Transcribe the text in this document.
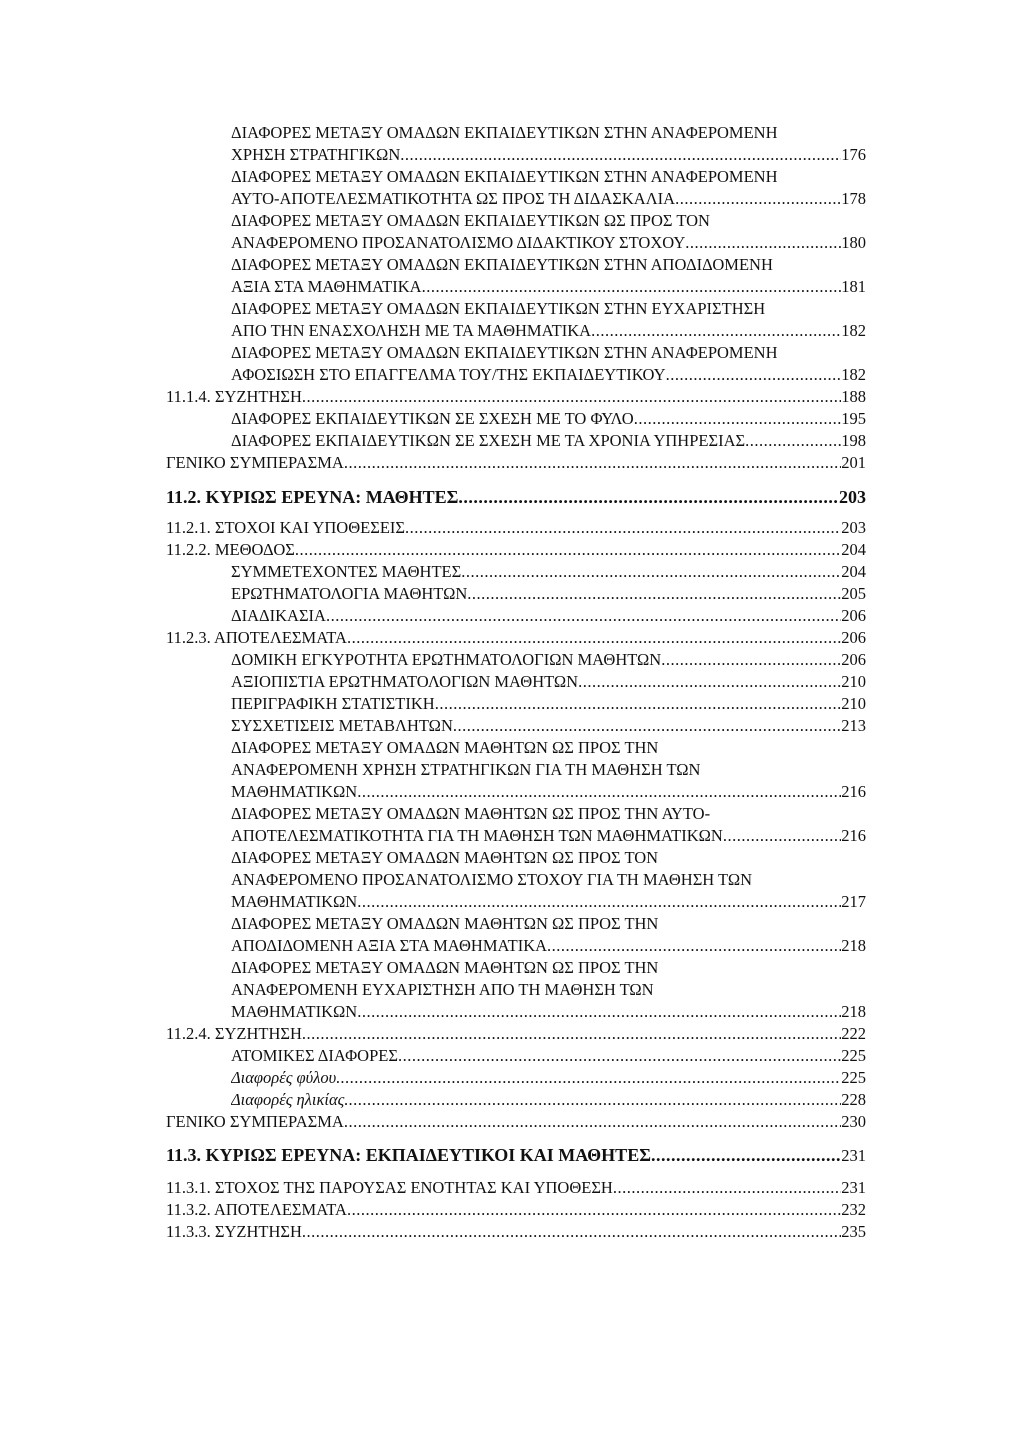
ΔΙΑΦΟΡΕΣ ΜΕΤΑΞΥ ΟΜΑΔΩΝ ΕΚΠΑΙΔΕΥΤΙΚΩΝ ΣΤΗΝ ΑΝΑΦΕΡΟΜΕΝΗ
ΧΡΗΣΗ ΣΤΡΑΤΗΓΙΚΩΝ .....	176
ΔΙΑΦΟΡΕΣ ΜΕΤΑΞΥ ΟΜΑΔΩΝ ΕΚΠΑΙΔΕΥΤΙΚΩΝ ΣΤΗΝ ΑΝΑΦΕΡΟΜΕΝΗ
ΑΥΤΟ-ΑΠΟΤΕΛΕΣΜΑΤΙΚΟΤΗΤΑ ΩΣ ΠΡΟΣ ΤΗ ΔΙΔΑΣΚΑΛΙΑ .....	178
ΔΙΑΦΟΡΕΣ ΜΕΤΑΞΥ ΟΜΑΔΩΝ ΕΚΠΑΙΔΕΥΤΙΚΩΝ ΩΣ ΠΡΟΣ ΤΟΝ
ΑΝΑΦΕΡΟΜΕΝΟ ΠΡΟΣΑΝΑΤΟΛΙΣΜΟ ΔΙΔΑΚΤΙΚΟΥ ΣΤΟΧΟΥ .....	180
ΔΙΑΦΟΡΕΣ ΜΕΤΑΞΥ ΟΜΑΔΩΝ ΕΚΠΑΙΔΕΥΤΙΚΩΝ ΣΤΗΝ ΑΠΟΔΙΔΟΜΕΝΗ
ΑΞΙΑ ΣΤΑ ΜΑΘΗΜΑΤΙΚΑ .....	181
ΔΙΑΦΟΡΕΣ ΜΕΤΑΞΥ ΟΜΑΔΩΝ ΕΚΠΑΙΔΕΥΤΙΚΩΝ ΣΤΗΝ ΕΥΧΑΡΙΣΤΗΣΗ
ΑΠΟ ΤΗΝ ΕΝΑΣΧΟΛΗΣΗ ΜΕ ΤΑ ΜΑΘΗΜΑΤΙΚΑ .....	182
ΔΙΑΦΟΡΕΣ ΜΕΤΑΞΥ ΟΜΑΔΩΝ ΕΚΠΑΙΔΕΥΤΙΚΩΝ ΣΤΗΝ ΑΝΑΦΕΡΟΜΕΝΗ
ΑΦΟΣΙΩΣΗ ΣΤΟ ΕΠΑΓΓΕΛΜΑ ΤΟΥ/ΤΗΣ ΕΚΠΑΙΔΕΥΤΙΚΟΥ .....	182
11.1.4. ΣΥΖΗΤΗΣΗ .....	188
ΔΙΑΦΟΡΕΣ ΕΚΠΑΙΔΕΥΤΙΚΩΝ ΣΕ ΣΧΕΣΗ ΜΕ ΤΟ ΦΥΛΟ .....	195
ΔΙΑΦΟΡΕΣ ΕΚΠΑΙΔΕΥΤΙΚΩΝ ΣΕ ΣΧΕΣΗ ΜΕ ΤΑ ΧΡΟΝΙΑ ΥΠΗΡΕΣΙΑΣ .....	198
ΓΕΝΙΚΟ ΣΥΜΠΕΡΑΣΜΑ .....	201
11.2. ΚΥΡΙΩΣ ΕΡΕΥΝΑ: ΜΑΘΗΤΕΣ .....	203
11.2.1. ΣΤΟΧΟΙ ΚΑΙ ΥΠΟΘΕΣΕΙΣ .....	203
11.2.2. ΜΕΘΟΔΟΣ .....	204
ΣΥΜΜΕΤΕΧΟΝΤΕΣ ΜΑΘΗΤΕΣ .....	204
ΕΡΩΤΗΜΑΤΟΛΟΓΙΑ ΜΑΘΗΤΩΝ .....	205
ΔΙΑΔΙΚΑΣΙΑ .....	206
11.2.3. ΑΠΟΤΕΛΕΣΜΑΤΑ .....	206
ΔΟΜΙΚΗ ΕΓΚΥΡΟΤΗΤΑ ΕΡΩΤΗΜΑΤΟΛΟΓΙΩΝ ΜΑΘΗΤΩΝ .....	206
ΑΞΙΟΠΙΣΤΙΑ ΕΡΩΤΗΜΑΤΟΛΟΓΙΩΝ ΜΑΘΗΤΩΝ .....	210
ΠΕΡΙΓΡΑΦΙΚΗ ΣΤΑΤΙΣΤΙΚΗ .....	210
ΣΥΣΧΕΤΙΣΕΙΣ ΜΕΤΑΒΛΗΤΩΝ .....	213
ΔΙΑΦΟΡΕΣ ΜΕΤΑΞΥ ΟΜΑΔΩΝ ΜΑΘΗΤΩΝ ΩΣ ΠΡΟΣ ΤΗΝ
ΑΝΑΦΕΡΟΜΕΝΗ ΧΡΗΣΗ ΣΤΡΑΤΗΓΙΚΩΝ ΓΙΑ ΤΗ ΜΑΘΗΣΗ ΤΩΝ
ΜΑΘΗΜΑΤΙΚΩΝ .....	216
ΔΙΑΦΟΡΕΣ ΜΕΤΑΞΥ ΟΜΑΔΩΝ ΜΑΘΗΤΩΝ ΩΣ ΠΡΟΣ ΤΗΝ ΑΥΤΟ-
ΑΠΟΤΕΛΕΣΜΑΤΙΚΟΤΗΤΑ ΓΙΑ ΤΗ ΜΑΘΗΣΗ ΤΩΝ ΜΑΘΗΜΑΤΙΚΩΝ .....	216
ΔΙΑΦΟΡΕΣ ΜΕΤΑΞΥ ΟΜΑΔΩΝ ΜΑΘΗΤΩΝ ΩΣ ΠΡΟΣ ΤΟΝ
ΑΝΑΦΕΡΟΜΕΝΟ ΠΡΟΣΑΝΑΤΟΛΙΣΜΟ ΣΤΟΧΟΥ ΓΙΑ ΤΗ ΜΑΘΗΣΗ ΤΩΝ
ΜΑΘΗΜΑΤΙΚΩΝ .....	217
ΔΙΑΦΟΡΕΣ ΜΕΤΑΞΥ ΟΜΑΔΩΝ ΜΑΘΗΤΩΝ ΩΣ ΠΡΟΣ ΤΗΝ
ΑΠΟΔΙΔΟΜΕΝΗ ΑΞΙΑ ΣΤΑ ΜΑΘΗΜΑΤΙΚΑ .....	218
ΔΙΑΦΟΡΕΣ ΜΕΤΑΞΥ ΟΜΑΔΩΝ ΜΑΘΗΤΩΝ ΩΣ ΠΡΟΣ ΤΗΝ
ΑΝΑΦΕΡΟΜΕΝΗ ΕΥΧΑΡΙΣΤΗΣΗ ΑΠΟ ΤΗ ΜΑΘΗΣΗ ΤΩΝ
ΜΑΘΗΜΑΤΙΚΩΝ .....	218
11.2.4. ΣΥΖΗΤΗΣΗ .....	222
ΑΤΟΜΙΚΕΣ ΔΙΑΦΟΡΕΣ .....	225
Διαφορές φύλου. .....	225
Διαφορές ηλικίας. .....	228
ΓΕΝΙΚΟ ΣΥΜΠΕΡΑΣΜΑ .....	230
11.3. ΚΥΡΙΩΣ ΕΡΕΥΝΑ: ΕΚΠΑΙΔΕΥΤΙΚΟΙ ΚΑΙ ΜΑΘΗΤΕΣ .....	231
11.3.1. ΣΤΟΧΟΣ ΤΗΣ ΠΑΡΟΥΣΑΣ ΕΝΟΤΗΤΑΣ ΚΑΙ ΥΠΟΘΕΣΗ .....	231
11.3.2. ΑΠΟΤΕΛΕΣΜΑΤΑ .....	232
11.3.3. ΣΥΖΗΤΗΣΗ .....	235
